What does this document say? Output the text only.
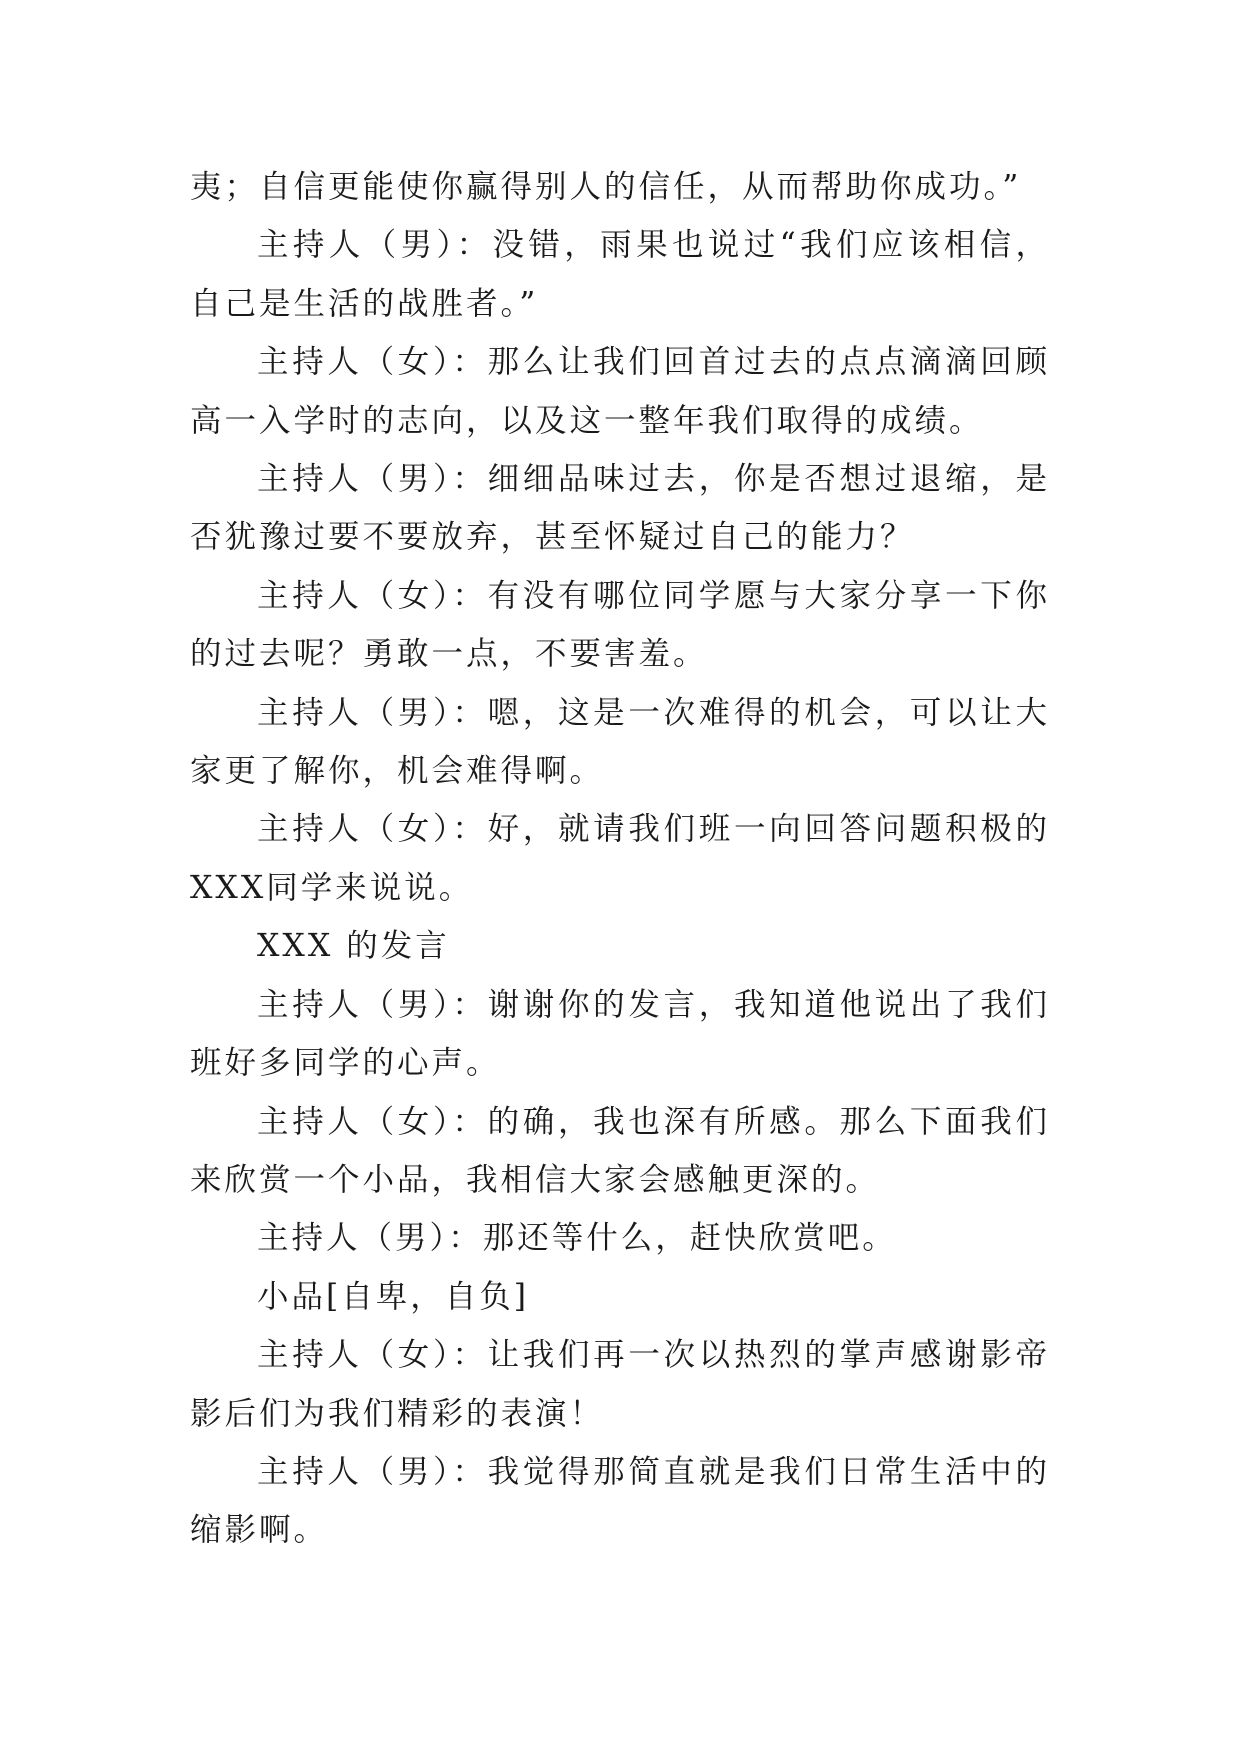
夷；自信更能使你赢得别人的信任，从而帮助你成功。”

主持人（男）：没错，雨果也说过“我们应该相信，自己是生活的战胜者。”

主持人（女）：那么让我们回首过去的点点滴滴回顾高一入学时的志向，以及这一整年我们取得的成绩。

主持人（男）：细细品味过去，你是否想过退缩，是否犹豫过要不要放弃，甚至怀疑过自己的能力？

主持人（女）：有没有哪位同学愿与大家分享一下你的过去呢？勇敢一点，不要害羞。

主持人（男）：嗯，这是一次难得的机会，可以让大家更了解你，机会难得啊。

主持人（女）：好，就请我们班一向回答问题积极的XXX同学来说说。

XXX 的发言

主持人（男）：谢谢你的发言，我知道他说出了我们班好多同学的心声。

主持人（女）：的确，我也深有所感。那么下面我们来欣赏一个小品，我相信大家会感触更深的。

主持人（男）：那还等什么，赶快欣赏吧。

小品[自卑，自负]

主持人（女）：让我们再一次以热烈的掌声感谢影帝影后们为我们精彩的表演！

主持人（男）：我觉得那简直就是我们日常生活中的缩影啊。
